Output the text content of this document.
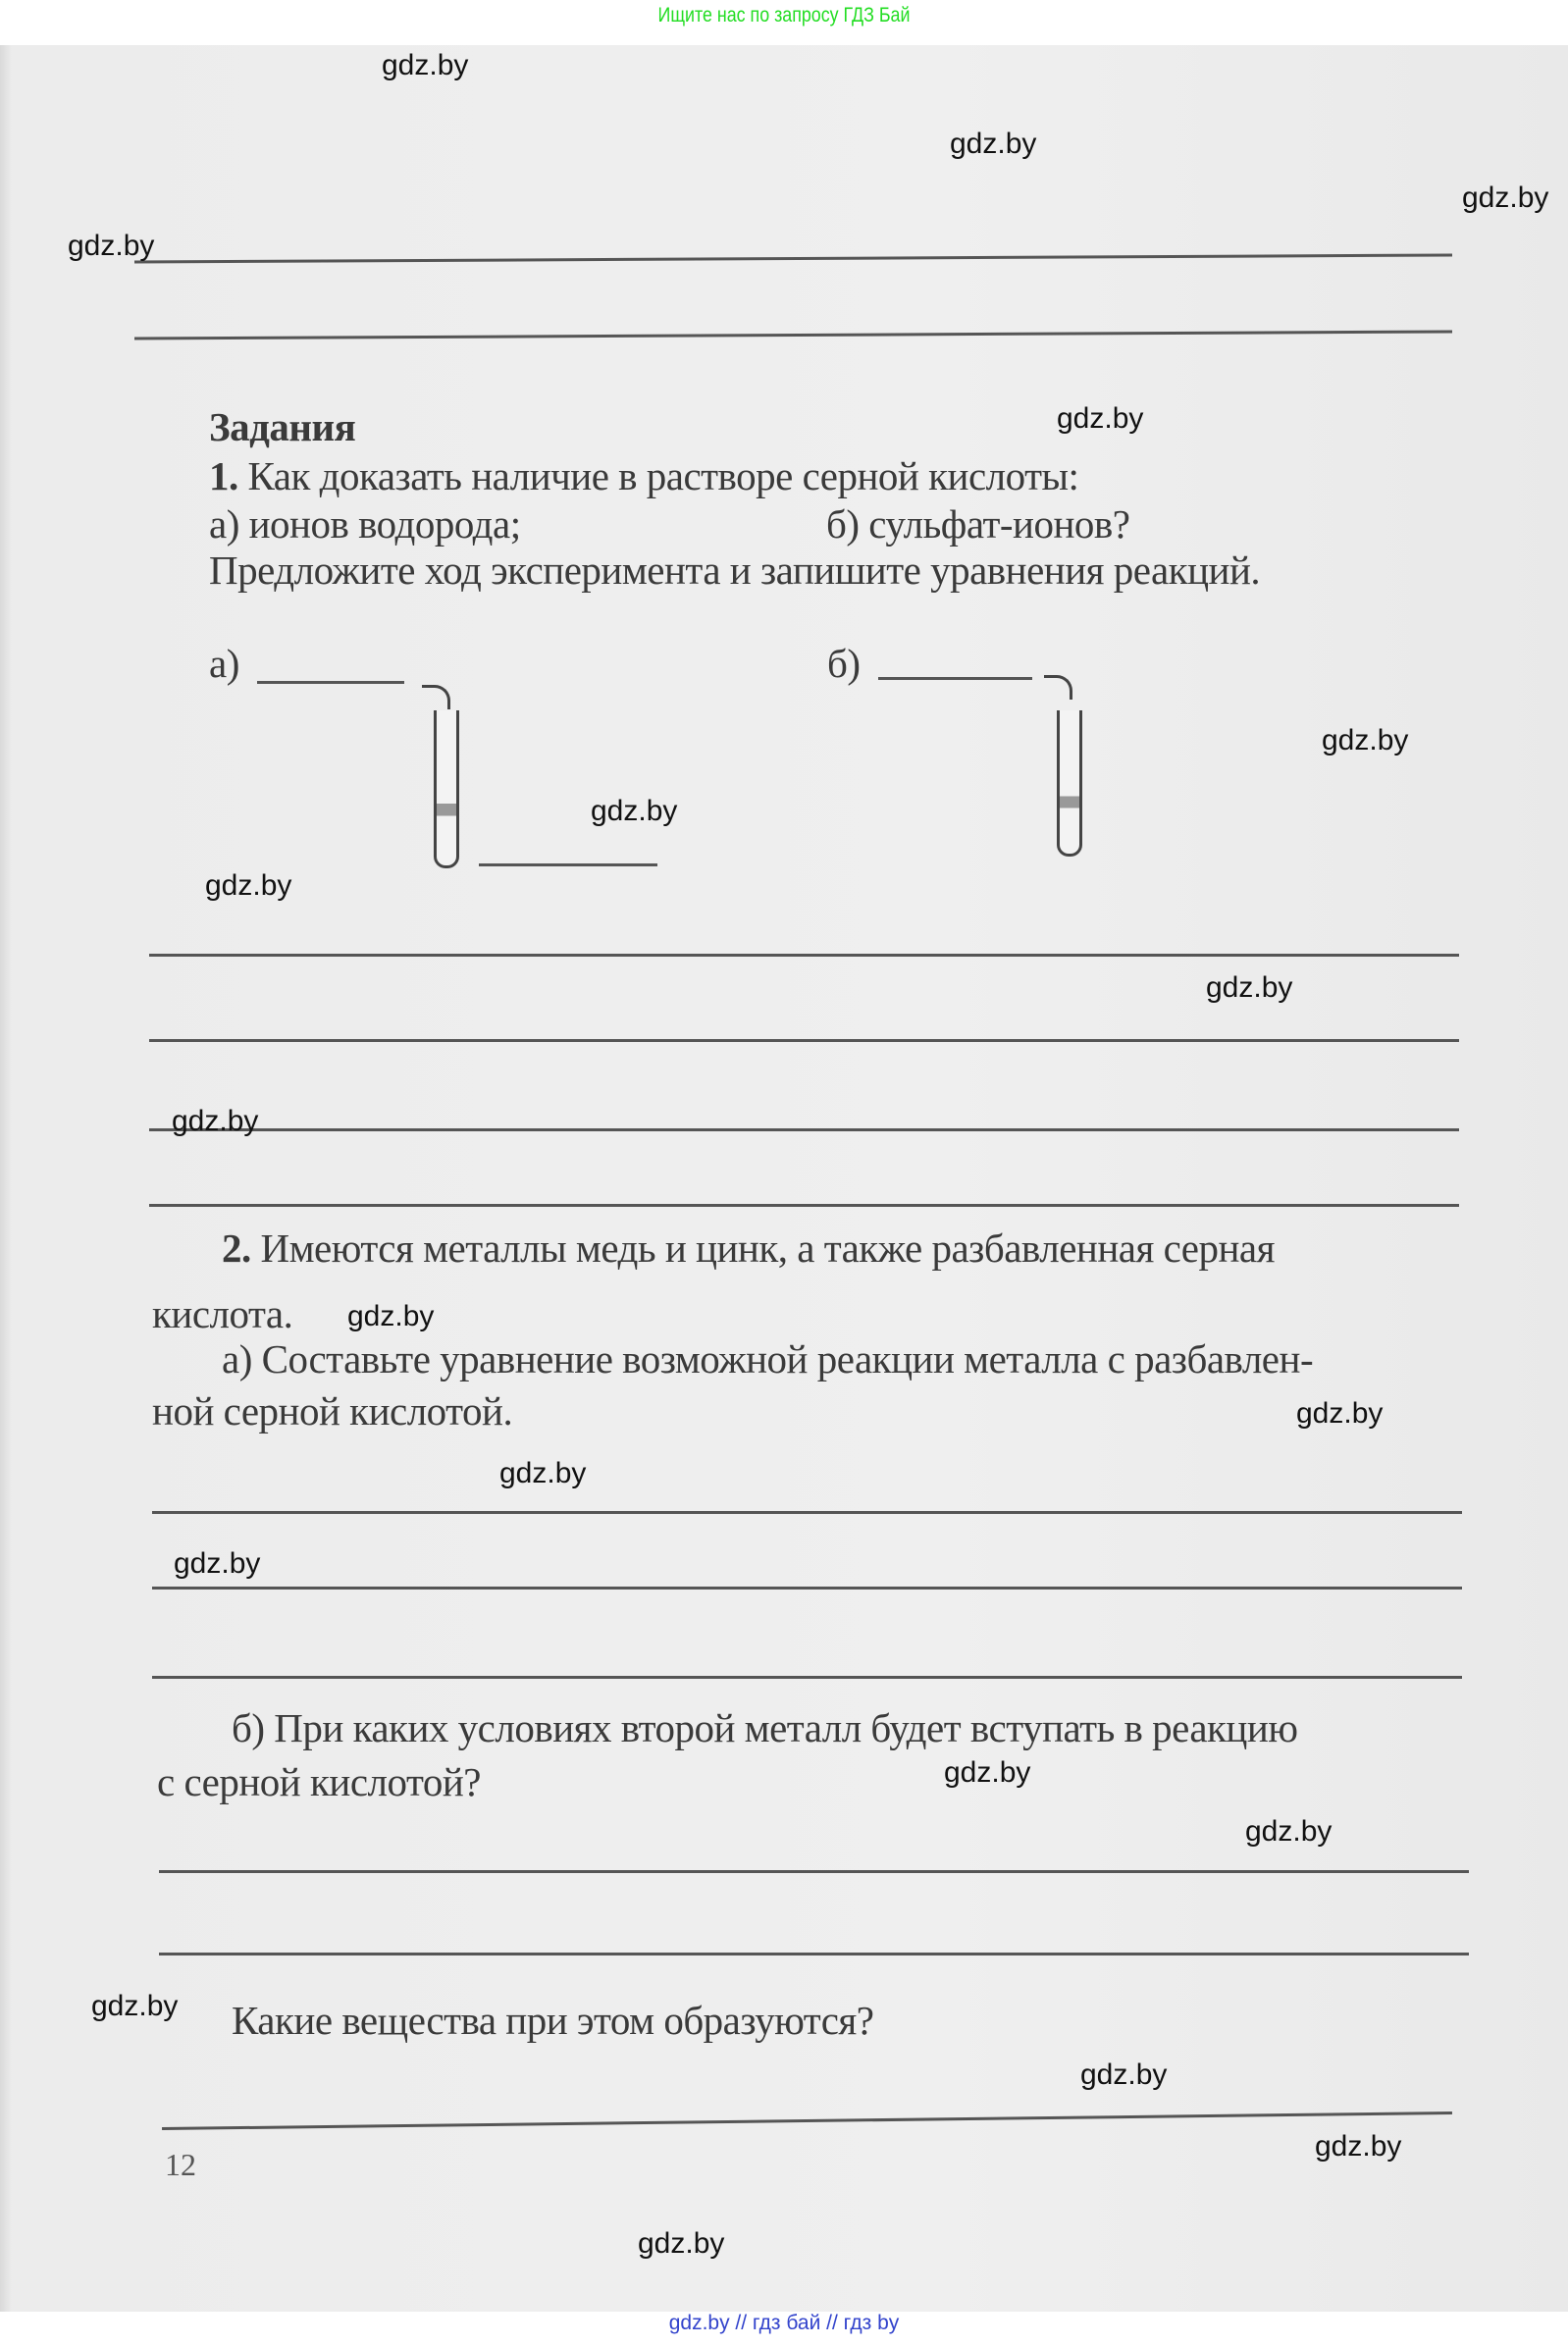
Ищите нас по запросу ГДЗ Бай
Задания
1. Как доказать наличие в растворе серной кислоты:
а) ионов водорода;	б) сульфат-ионов?
Предложите ход эксперимента и запишите уравнения реакций.
а)	б)
2. Имеются металлы медь и цинк, а также разбавленная серная
кислота.
а) Составьте уравнение возможной реакции металла с разбавлен-
ной серной кислотой.
б) При каких условиях второй металл будет вступать в реакцию
с серной кислотой?
Какие вещества при этом образуются?
12
gdz.by
gdz.by
gdz.by
gdz.by
gdz.by
gdz.by
gdz.by
gdz.by
gdz.by
gdz.by
gdz.by
gdz.by
gdz.by
gdz.by
gdz.by
gdz.by
gdz.by
gdz.by
gdz.by
gdz.by
gdz.by // гдз бай // гдз by
